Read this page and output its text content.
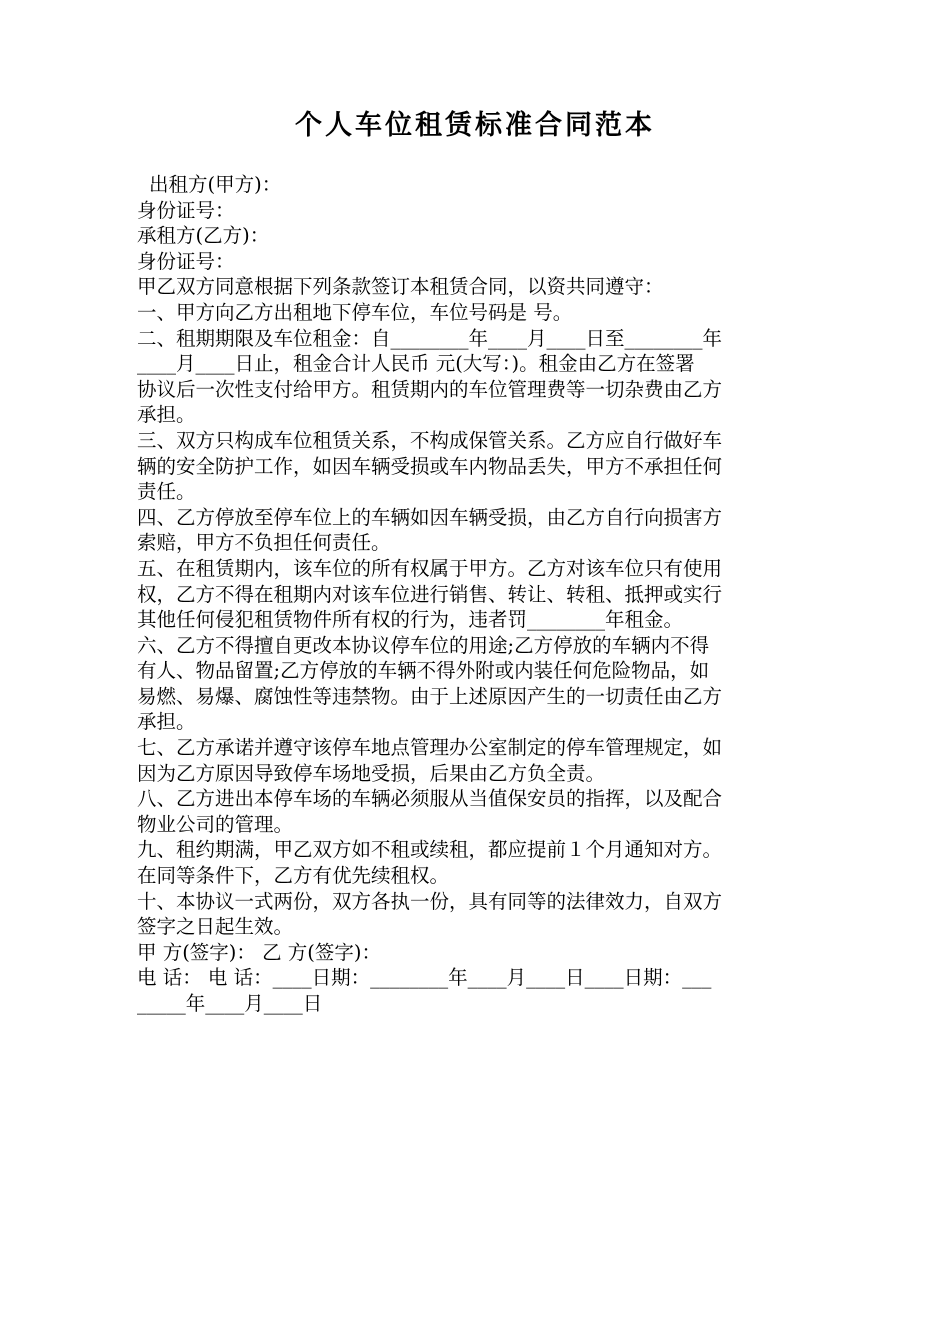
个人车位租赁标准合同范本
出租方(甲方)：
身份证号：
承租方(乙方)：
身份证号：
甲乙双方同意根据下列条款签订本租赁合同，以资共同遵守：
一、甲方向乙方出租地下停车位，车位号码是 号。
二、租期期限及车位租金：自________年____月____日至________年
____月____日止，租金合计人民币 元(大写：)。租金由乙方在签署
协议后一次性支付给甲方。租赁期内的车位管理费等一切杂费由乙方
承担。
三、双方只构成车位租赁关系，不构成保管关系。乙方应自行做好车
辆的安全防护工作，如因车辆受损或车内物品丢失，甲方不承担任何
责任。
四、乙方停放至停车位上的车辆如因车辆受损，由乙方自行向损害方
索赔，甲方不负担任何责任。
五、在租赁期内，该车位的所有权属于甲方。乙方对该车位只有使用
权，乙方不得在租期内对该车位进行销售、转让、转租、抵押或实行
其他任何侵犯租赁物件所有权的行为，违者罚________年租金。
六、乙方不得擅自更改本协议停车位的用途;乙方停放的车辆内不得
有人、物品留置;乙方停放的车辆不得外附或内装任何危险物品，如
易燃、易爆、腐蚀性等违禁物。由于上述原因产生的一切责任由乙方
承担。
七、乙方承诺并遵守该停车地点管理办公室制定的停车管理规定，如
因为乙方原因导致停车场地受损，后果由乙方负全责。
八、乙方进出本停车场的车辆必须服从当值保安员的指挥，以及配合
物业公司的管理。
九、租约期满，甲乙双方如不租或续租，都应提前１个月通知对方。
在同等条件下，乙方有优先续租权。
十、本协议一式两份，双方各执一份，具有同等的法律效力，自双方
签字之日起生效。
甲 方(签字)： 乙 方(签字)：
电 话： 电 话：____日期：________年____月____日____日期：___
_____年____月____日
